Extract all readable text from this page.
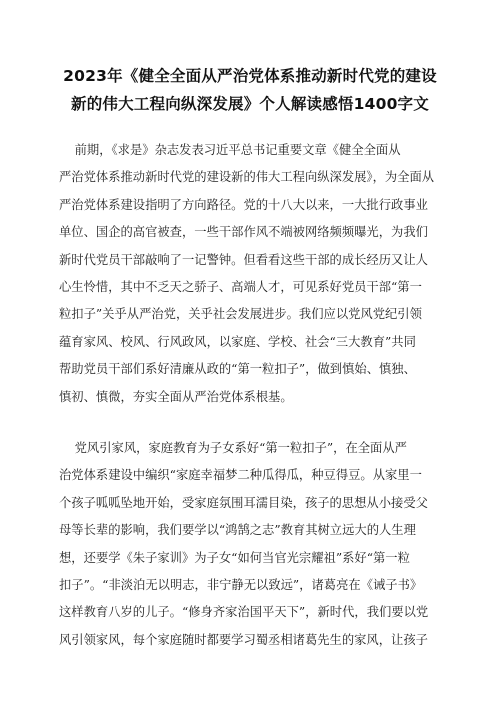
2023年《健全全面从严治党体系推动新时代党的建设
新的伟大工程向纵深发展》个人解读感悟1400字文
前期，《求是》杂志发表习近平总书记重要文章《健全全面从
严治党体系推动新时代党的建设新的伟大工程向纵深发展》，为全面从
严治党体系建设指明了方向路径。党的十八大以来，一大批行政事业
单位、国企的高官被查，一些干部作风不端被网络频频曝光，为我们
新时代党员干部敲响了一记警钟。但看看这些干部的成长经历又让人
心生怜惜，其中不乏天之骄子、高端人才，可见系好党员干部“第一
粒扣子”关乎从严治党，关乎社会发展进步。我们应以党风党纪引领
蕴育家风、校风、行风政风，以家庭、学校、社会“三大教育”共同
帮助党员干部们系好清廉从政的“第一粒扣子”，做到慎始、慎独、
慎初、慎微，夯实全面从严治党体系根基。
党风引家风，家庭教育为子女系好“第一粒扣子”，在全面从严
治党体系建设中编织“家庭幸福梦二种瓜得瓜，种豆得豆。从家里一
个孩子呱呱坠地开始，受家庭氛围耳濡目染，孩子的思想从小接受父
母等长辈的影响，我们要学以“鸿鹄之志”教育其树立远大的人生理
想，还要学《朱子家训》为子女“如何当官光宗耀祖”系好“第一粒
扣子”。“非淡泊无以明志，非宁静无以致远”，诸葛亮在《诫子书》
这样教育八岁的儿子。“修身齐家治国平天下”，新时代，我们要以党
风引领家风，每个家庭随时都要学习蜀丞相诸葛先生的家风，让孩子
